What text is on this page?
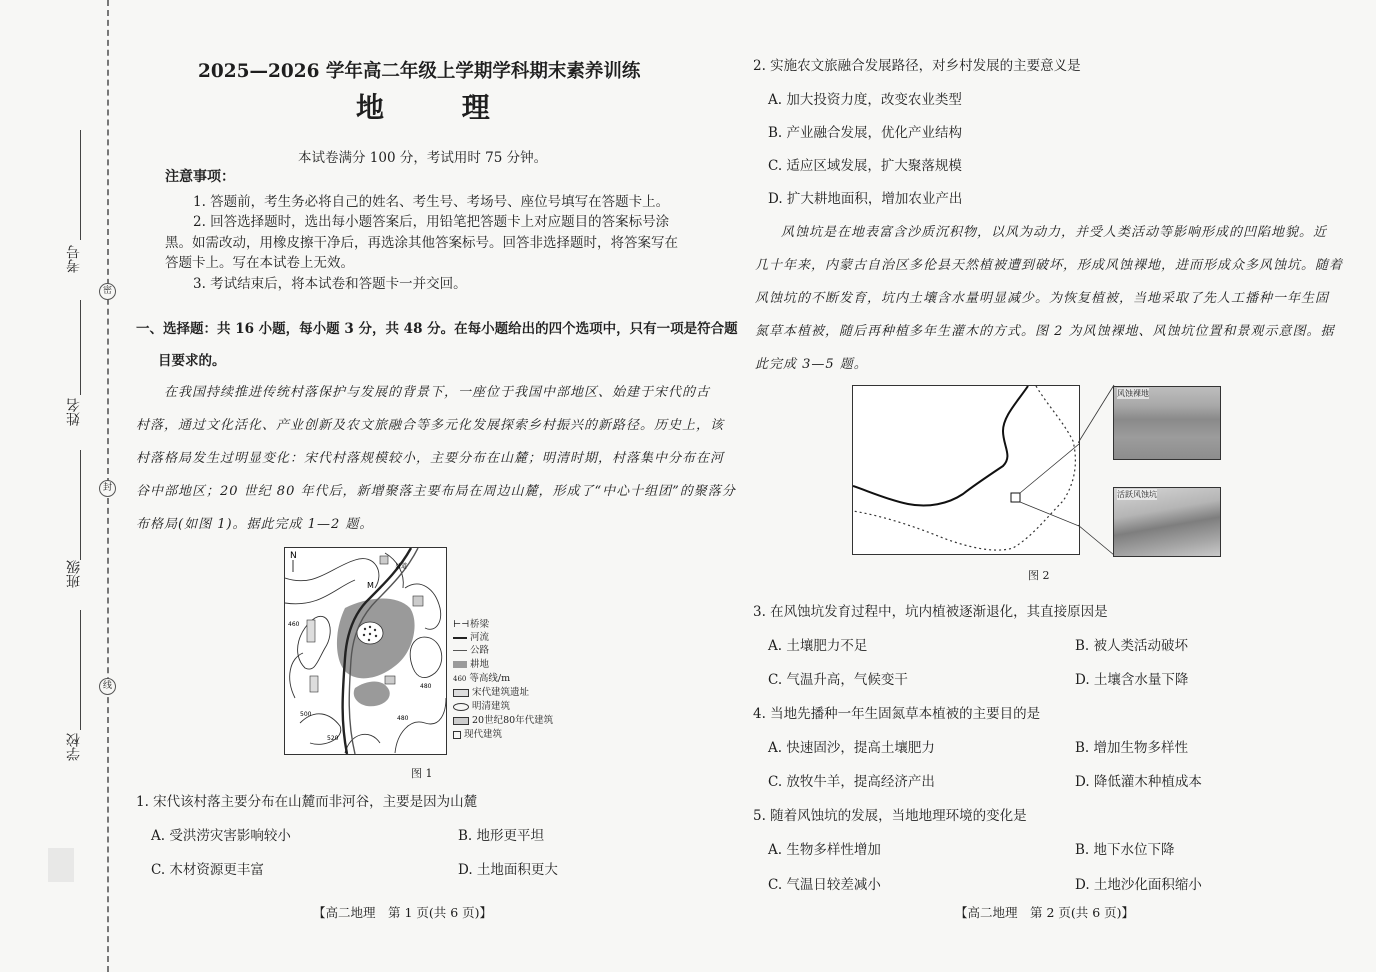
考号
姓名
班级
学校
密
封
线
2025—2026 学年高二年级上学期学科期末素养训练
地 理
本试卷满分 100 分，考试用时 75 分钟。
注意事项：
1. 答题前，考生务必将自己的姓名、考生号、考场号、座位号填写在答题卡上。
2. 回答选择题时，选出每小题答案后，用铅笔把答题卡上对应题目的答案标号涂
黑。如需改动，用橡皮擦干净后，再选涂其他答案标号。回答非选择题时，将答案写在
答题卡上。写在本试卷上无效。
3. 考试结束后，将本试卷和答题卡一并交回。
一、选择题：共 16 小题，每小题 3 分，共 48 分。在每小题给出的四个选项中，只有一项是符合题
目要求的。
在我国持续推进传统村落保护与发展的背景下，一座位于我国中部地区、始建于宋代的古
村落，通过文化活化、产业创新及农文旅融合等多元化发展探索乡村振兴的新路径。历史上，该
村落格局发生过明显变化：宋代村落规模较小，主要分布在山麓；明清时期，村落集中分布在河
谷中部地区；20 世纪 80 年代后，新增聚落主要布局在周边山麓，形成了“中心十组团”的聚落分
布格局(如图 1)。据此完成 1—2 题。
N
M
县道
460
480
500
520
480
⊢⊣桥梁
河流
公路
耕地
460 等高线/m
宋代建筑遗址
明清建筑
20世纪80年代建筑
现代建筑
图 1
1. 宋代该村落主要分布在山麓而非河谷，主要是因为山麓
A. 受洪涝灾害影响较小	B. 地形更平坦
C. 木材资源更丰富	D. 土地面积更大
【高二地理　第 1 页(共 6 页)】
2. 实施农文旅融合发展路径，对乡村发展的主要意义是
A. 加大投资力度，改变农业类型
B. 产业融合发展，优化产业结构
C. 适应区域发展，扩大聚落规模
D. 扩大耕地面积，增加农业产出
风蚀坑是在地表富含沙质沉积物，以风为动力，并受人类活动等影响形成的凹陷地貌。近
几十年来，内蒙古自治区多伦县天然植被遭到破坏，形成风蚀裸地，进而形成众多风蚀坑。随着
风蚀坑的不断发育，坑内土壤含水量明显减少。为恢复植被，当地采取了先人工播种一年生固
氮草本植被，随后再种植多年生灌木的方式。图 2 为风蚀裸地、风蚀坑位置和景观示意图。据
此完成 3—5 题。
风蚀裸地
活跃风蚀坑
图 2
3. 在风蚀坑发育过程中，坑内植被逐渐退化，其直接原因是
A. 土壤肥力不足	B. 被人类活动破坏
C. 气温升高，气候变干	D. 土壤含水量下降
4. 当地先播种一年生固氮草本植被的主要目的是
A. 快速固沙，提高土壤肥力	B. 增加生物多样性
C. 放牧牛羊，提高经济产出	D. 降低灌木种植成本
5. 随着风蚀坑的发展，当地地理环境的变化是
A. 生物多样性增加	B. 地下水位下降
C. 气温日较差减小	D. 土地沙化面积缩小
【高二地理　第 2 页(共 6 页)】
